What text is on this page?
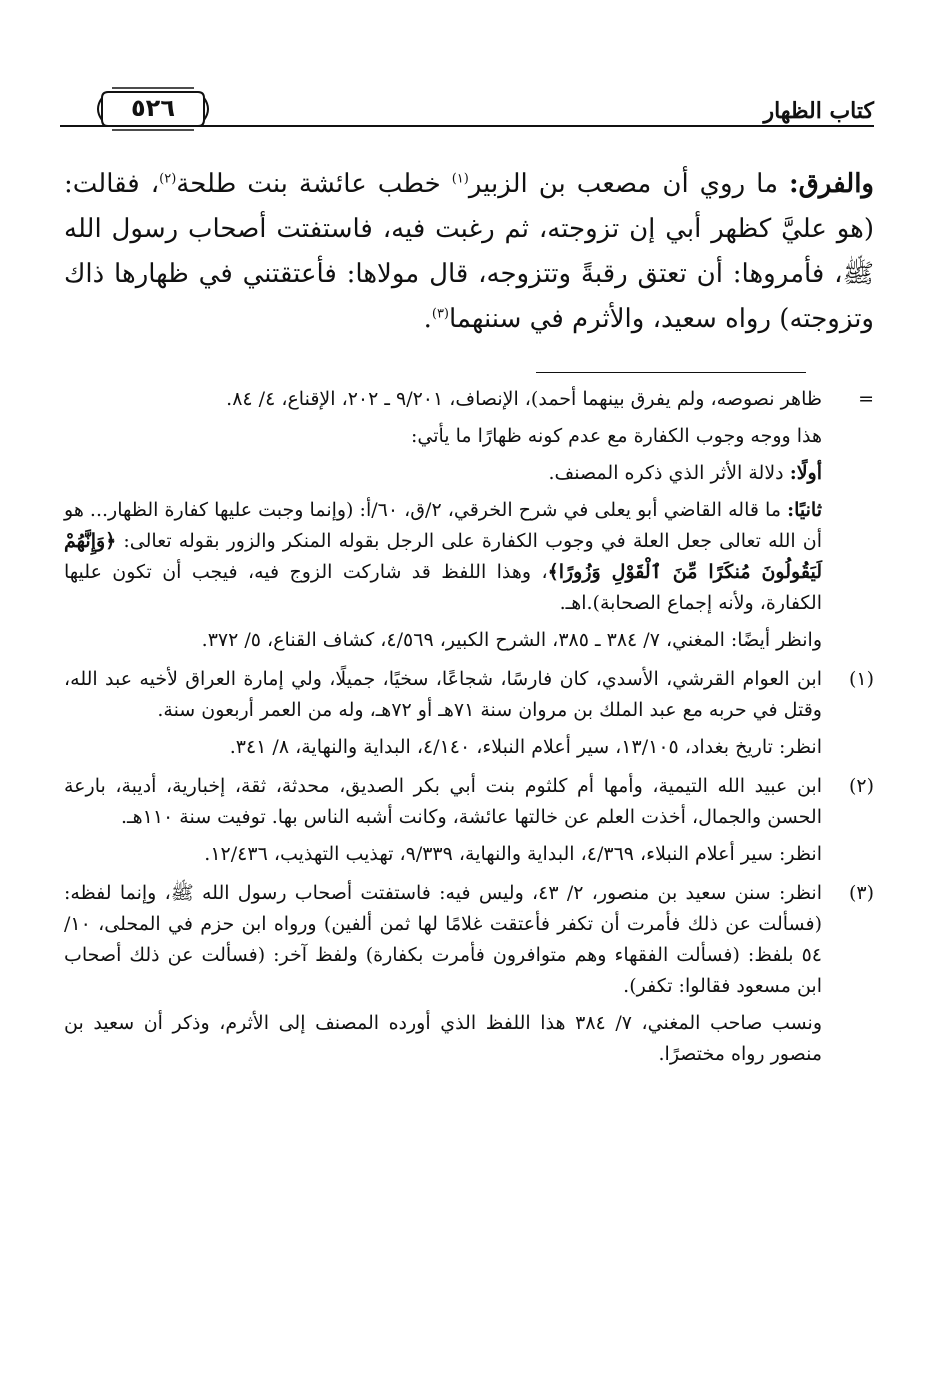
٥٢٦	كتاب الظهار
والفرق: ما روي أن مصعب بن الزبير$^{(١)}$ خطب عائشة بنت طلحة$^{(٢)}$، فقالت: (هو عليَّ كظهر أبي إن تزوجته، ثم رغبت فيه، فاستفتت أصحاب رسول الله ﷺ، فأمروها: أن تعتق رقبةً وتتزوجه، قال مولاها: فأعتقتني في ظهارها ذاك وتزوجته) رواه سعيد، والأثرم في سننهما$^{(٣)}$.
=

ظاهر نصوصه، ولم يفرق بينهما أحمد)، الإنصاف، ٩/٢٠١ ـ ٢٠٢، الإقناع، ٤/ ٨٤.

هذا ووجه وجوب الكفارة مع عدم كونه ظهارًا ما يأتي:

أولًا: دلالة الأثر الذي ذكره المصنف.

ثانيًا: ما قاله القاضي أبو يعلى في شرح الخرقي، ٢/ق، ٦٠/أ: (وإنما وجبت عليها كفارة الظهار... هو أن الله تعالى جعل العلة في وجوب الكفارة على الرجل بقوله المنكر والزور بقوله تعالى: ﴿وَإِنَّهُمْ لَيَقُولُونَ مُنكَرًا مِّنَ ٱلْقَوْلِ وَزُورًا﴾، وهذا اللفظ قد شاركت الزوج فيه، فيجب أن تكون عليها الكفارة، ولأنه إجماع الصحابة).اهـ.

وانظر أيضًا: المغني، ٧/ ٣٨٤ ـ ٣٨٥، الشرح الكبير، ٤/٥٦٩، كشاف القناع، ٥/ ٣٧٢.

(١)

ابن العوام القرشي، الأسدي، كان فارسًا، شجاعًا، سخيًا، جميلًا، ولي إمارة العراق لأخيه عبد الله، وقتل في حربه مع عبد الملك بن مروان سنة ٧١هـ أو ٧٢هـ، وله من العمر أربعون سنة.

انظر: تاريخ بغداد، ١٣/١٠٥، سير أعلام النبلاء، ٤/١٤٠، البداية والنهاية، ٨/ ٣٤١.

(٢)

ابن عبيد الله التيمية، وأمها أم كلثوم بنت أبي بكر الصديق، محدثة، ثقة، إخبارية، أديبة، بارعة الحسن والجمال، أخذت العلم عن خالتها عائشة، وكانت أشبه الناس بها. توفيت سنة ١١٠هـ.

انظر: سير أعلام النبلاء، ٤/٣٦٩، البداية والنهاية، ٩/٣٣٩، تهذيب التهذيب، ١٢/٤٣٦.

(٣)

انظر: سنن سعيد بن منصور، ٢/ ٤٣، وليس فيه: فاستفتت أصحاب رسول الله ﷺ، وإنما لفظه: (فسألت عن ذلك فأمرت أن تكفر فأعتقت غلامًا لها ثمن ألفين) ورواه ابن حزم في المحلى، ١٠/ ٥٤ بلفظ: (فسألت الفقهاء وهم متوافرون فأمرت بكفارة) ولفظ آخر: (فسألت عن ذلك أصحاب ابن مسعود فقالوا: تكفر).

ونسب صاحب المغني، ٧/ ٣٨٤ هذا اللفظ الذي أورده المصنف إلى الأثرم، وذكر أن سعيد بن منصور رواه مختصرًا.
